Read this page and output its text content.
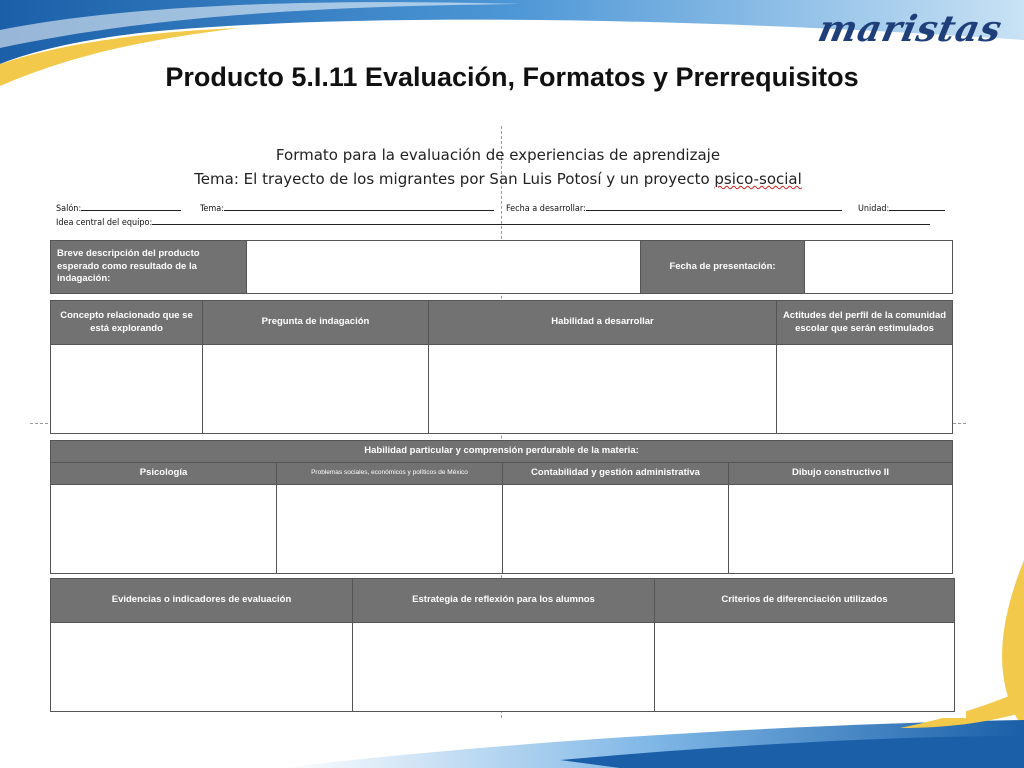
maristas
Producto 5.I.11 Evaluación, Formatos y Prerrequisitos
Formato para la evaluación de experiencias de aprendizaje
Tema: El trayecto de los migrantes por San Luis Potosí y un proyecto psico-social
Salón:	Tema:	Fecha a desarrollar:	Unidad:
Idea central del equipo:
Breve descripción del producto esperado como resultado de la indagación:		Fecha de presentación:	
Concepto relacionado que se está explorando	Pregunta de indagación	Habilidad a desarrollar	Actitudes del perfil de la comunidad escolar que serán estimulados

Habilidad particular y comprensión perdurable de la materia:			
Psicología	Problemas sociales, económicos y políticos de México	Contabilidad y gestión administrativa	Dibujo constructivo II

Evidencias o indicadores de evaluación	Estrategia de reflexión para los alumnos	Criterios de diferenciación utilizados
